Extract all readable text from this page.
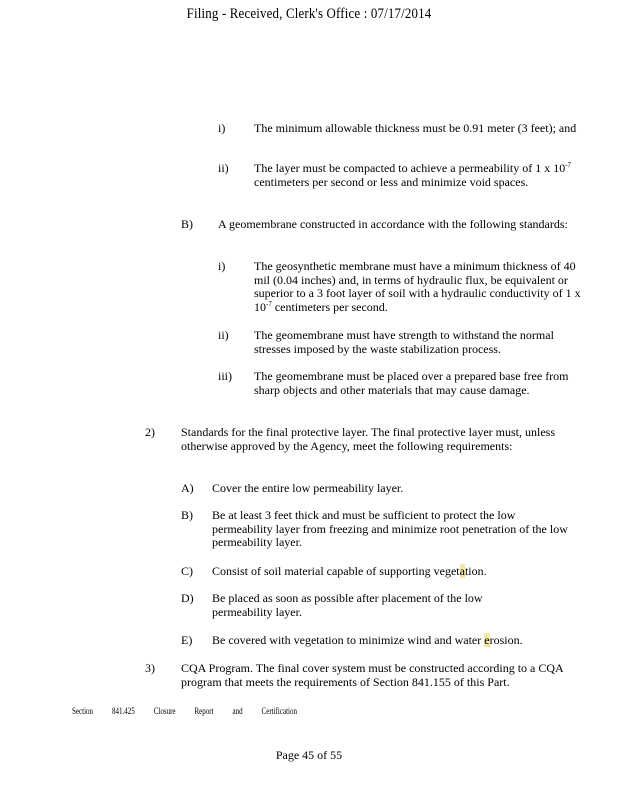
Filing - Received, Clerk's Office : 07/17/2014
i) The minimum allowable thickness must be 0.91 meter (3 feet); and
ii) The layer must be compacted to achieve a permeability of 1 x $10^{-7}$ centimeters per second or less and minimize void spaces.
B) A geomembrane constructed in accordance with the following standards:
i) The geosynthetic membrane must have a minimum thickness of 40 mil (0.04 inches) and, in terms of hydraulic flux, be equivalent or superior to a 3 foot layer of soil with a hydraulic conductivity of 1 x $10^{-7}$ centimeters per second.
ii) The geomembrane must have strength to withstand the normal stresses imposed by the waste stabilization process.
iii) The geomembrane must be placed over a prepared base free from sharp objects and other materials that may cause damage.
2) Standards for the final protective layer. The final protective layer must, unless otherwise approved by the Agency, meet the following requirements:
A) Cover the entire low permeability layer.
B) Be at least 3 feet thick and must be sufficient to protect the low permeability layer from freezing and minimize root penetration of the low permeability layer.
C) Consist of soil material capable of supporting vegetation.
D) Be placed as soon as possible after placement of the low permeability layer.
E) Be covered with vegetation to minimize wind and water erosion.
3) CQA Program. The final cover system must be constructed according to a CQA program that meets the requirements of Section 841.155 of this Part.
Section 841.425 Closure Report and Certification
Page 45 of 55
